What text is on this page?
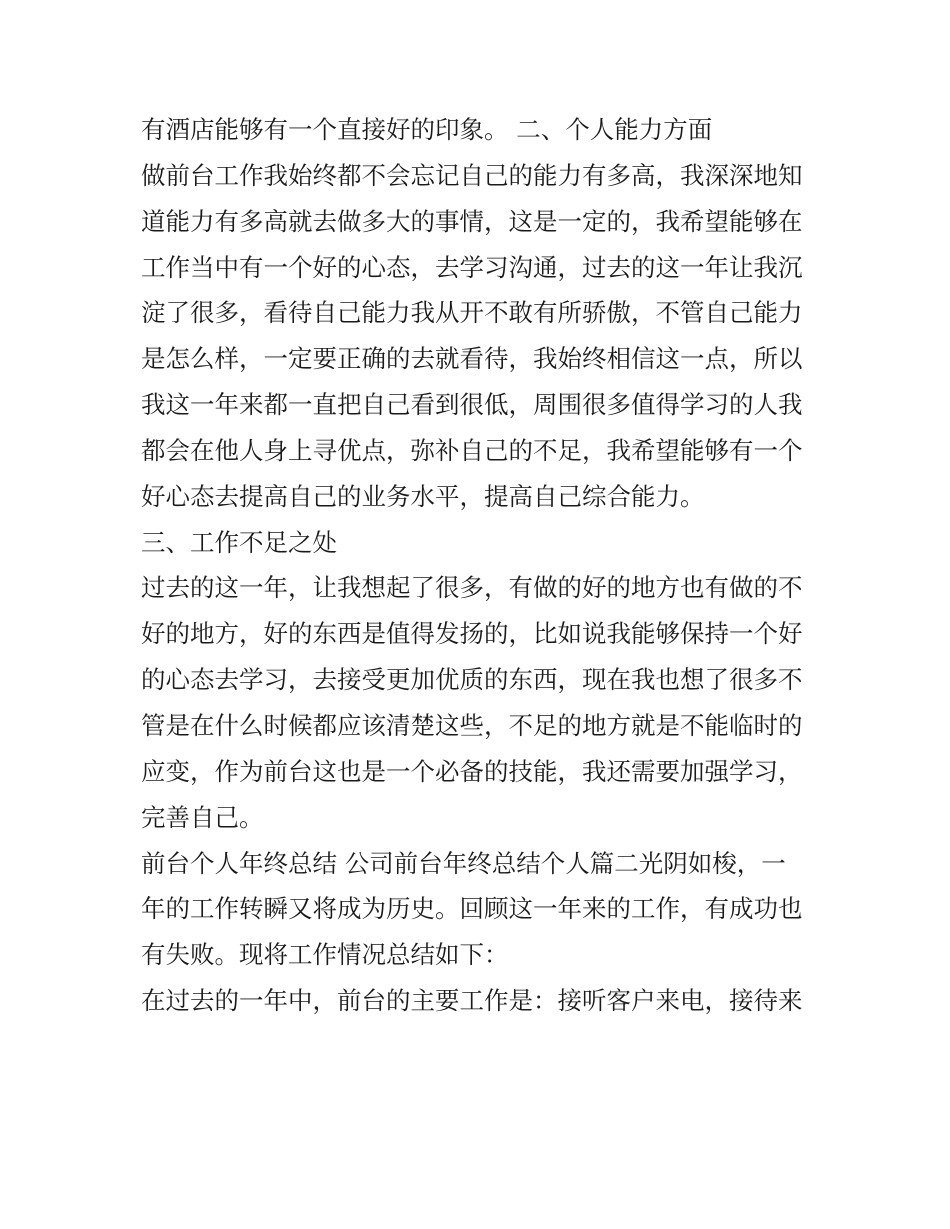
有酒店能够有一个直接好的印象。 二、个人能力方面
做前台工作我始终都不会忘记自己的能力有多高，我深深地知
道能力有多高就去做多大的事情，这是一定的，我希望能够在
工作当中有一个好的心态，去学习沟通，过去的这一年让我沉
淀了很多，看待自己能力我从开不敢有所骄傲，不管自己能力
是怎么样，一定要正确的去就看待，我始终相信这一点，所以
我这一年来都一直把自己看到很低，周围很多值得学习的人我
都会在他人身上寻优点，弥补自己的不足，我希望能够有一个
好心态去提高自己的业务水平，提高自己综合能力。
三、工作不足之处
过去的这一年，让我想起了很多，有做的好的地方也有做的不
好的地方，好的东西是值得发扬的，比如说我能够保持一个好
的心态去学习，去接受更加优质的东西，现在我也想了很多不
管是在什么时候都应该清楚这些，不足的地方就是不能临时的
应变，作为前台这也是一个必备的技能，我还需要加强学习，
完善自己。
前台个人年终总结 公司前台年终总结个人篇二光阴如梭，一
年的工作转瞬又将成为历史。回顾这一年来的工作，有成功也
有失败。现将工作情况总结如下：
在过去的一年中，前台的主要工作是：接听客户来电，接待来
